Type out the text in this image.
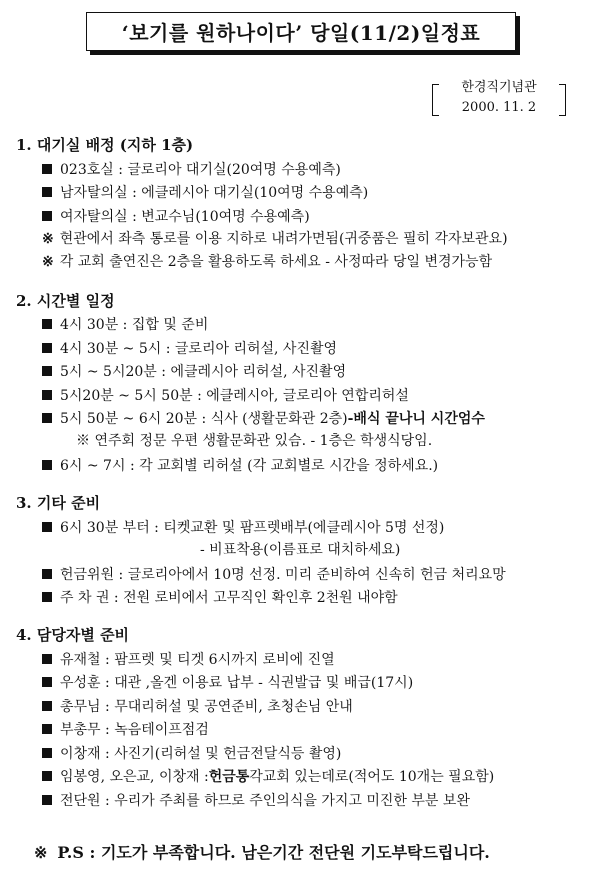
‘보기를 원하나이다’ 당일(11/2)일정표
한경직기념관
2000. 11. 2
1. 대기실 배정 (지하 1층)
023호실 : 글로리아 대기실(20여명 수용예측)
남자탈의실 : 에클레시아 대기실(10여명 수용예측)
여자탈의실 : 변교수님(10여명 수용예측)
※ 현관에서 좌측 통로를 이용 지하로 내려가면됨(귀중품은 필히 각자보관요)
※ 각 교회 출연진은 2층을 활용하도록 하세요 - 사정따라 당일 변경가능함
2. 시간별 일정
4시 30분 : 집합 및 준비
4시 30분 ~ 5시 : 글로리아 리허설, 사진촬영
5시 ~ 5시20분 : 에클레시아 리허설, 사진촬영
5시20분 ~ 5시 50분 : 에클레시아, 글로리아 연합리허설
5시 50분 ~ 6시 20분 : 식사 (생활문화관 2층) -배식 끝나니 시간엄수
※ 연주회 정문 우편 생활문화관 있슴. - 1층은 학생식당임.
6시 ~ 7시 : 각 교회별 리허설 (각 교회별로 시간을 정하세요.)
3. 기타 준비
6시 30분 부터 : 티켓교환 및 팜프렛배부(에클레시아 5명 선정)
- 비표착용(이름표로 대치하세요)
헌금위원 : 글로리아에서 10명 선정. 미리 준비하여 신속히 헌금 처리요망
주 차 권 : 전원 로비에서 고무직인 확인후 2천원 내야함
4. 담당자별 준비
유재철 : 팜프렛 및 티겟 6시까지 로비에 진열
우성훈 : 대관 ,올겐 이용료 납부 - 식권발급 및 배급(17시)
총무님 : 무대리허설 및 공연준비, 초청손님 안내
부총무 : 녹음테이프점검
이창재 : 사진기(리허설 및 헌금전달식등 촬영)
임봉영, 오은교, 이창재 : 헌금통 각교회 있는데로(적어도 10개는 필요함)
전단원 : 우리가 주최를 하므로 주인의식을 가지고 미진한 부분 보완
※ P.S : 기도가 부족합니다. 남은기간 전단원 기도부탁드립니다.
